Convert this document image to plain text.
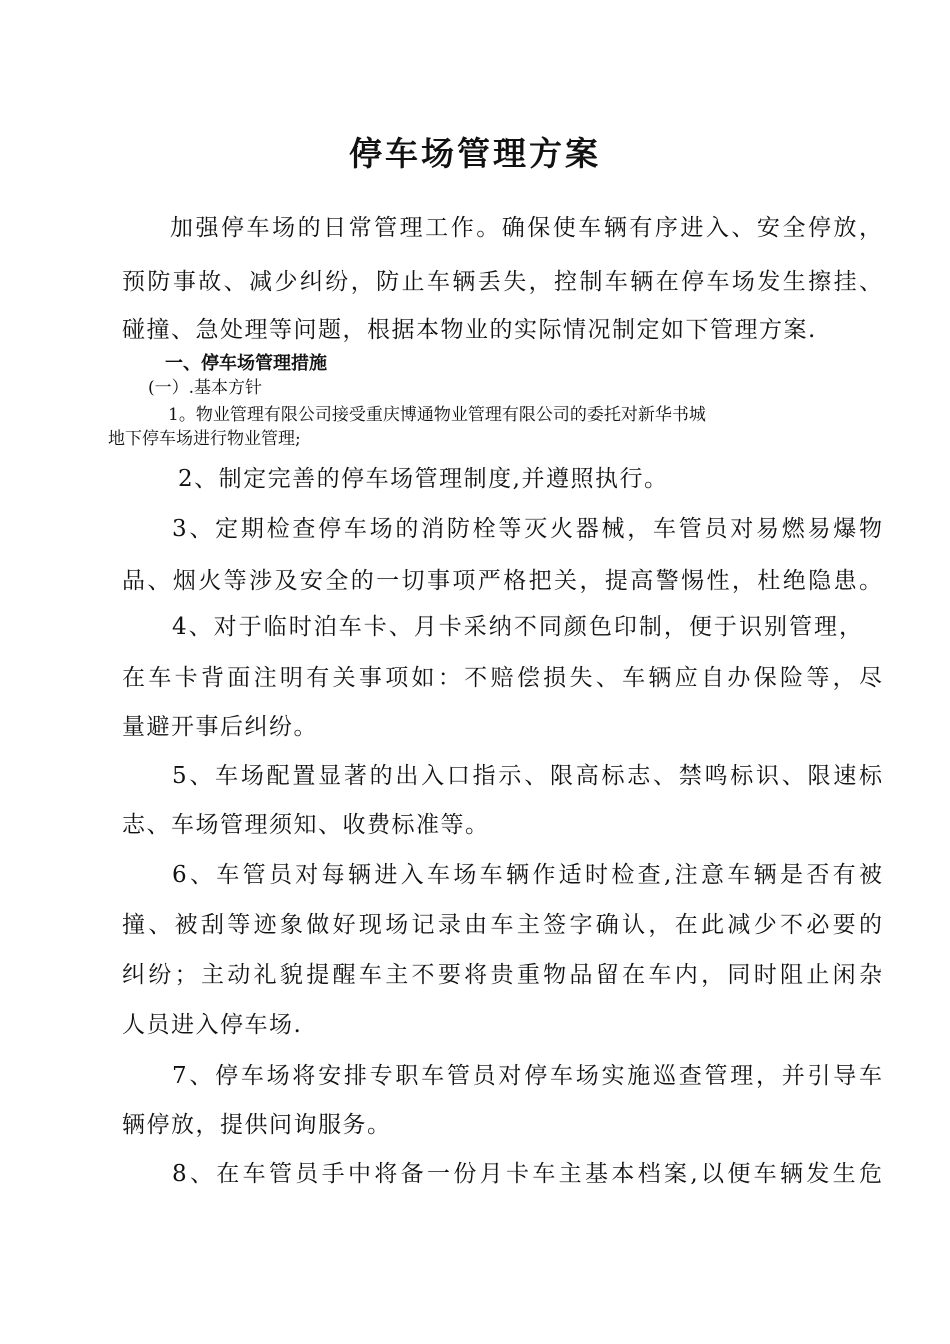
停车场管理方案
加强停车场的日常管理工作。确保使车辆有序进入、安全停放，
预防事故、减少纠纷，防止车辆丢失，控制车辆在停车场发生擦挂、
碰撞、急处理等问题，根据本物业的实际情况制定如下管理方案.
一、停车场管理措施
(一）.基本方针
1。物业管理有限公司接受重庆博通物业管理有限公司的委托对新华书城
地下停车场进行物业管理;
2、制定完善的停车场管理制度,并遵照执行。
3、定期检查停车场的消防栓等灭火器械，车管员对易燃易爆物
品、烟火等涉及安全的一切事项严格把关，提高警惕性，杜绝隐患。
4、对于临时泊车卡、月卡采纳不同颜色印制，便于识别管理，
在车卡背面注明有关事项如：不赔偿损失、车辆应自办保险等，尽
量避开事后纠纷。
5、车场配置显著的出入口指示、限高标志、禁鸣标识、限速标
志、车场管理须知、收费标准等。
6、车管员对每辆进入车场车辆作适时检查,注意车辆是否有被
撞、被刮等迹象做好现场记录由车主签字确认，在此减少不必要的
纠纷；主动礼貌提醒车主不要将贵重物品留在车内，同时阻止闲杂
人员进入停车场.
7、停车场将安排专职车管员对停车场实施巡查管理，并引导车
辆停放，提供问询服务。
8、在车管员手中将备一份月卡车主基本档案,以便车辆发生危
